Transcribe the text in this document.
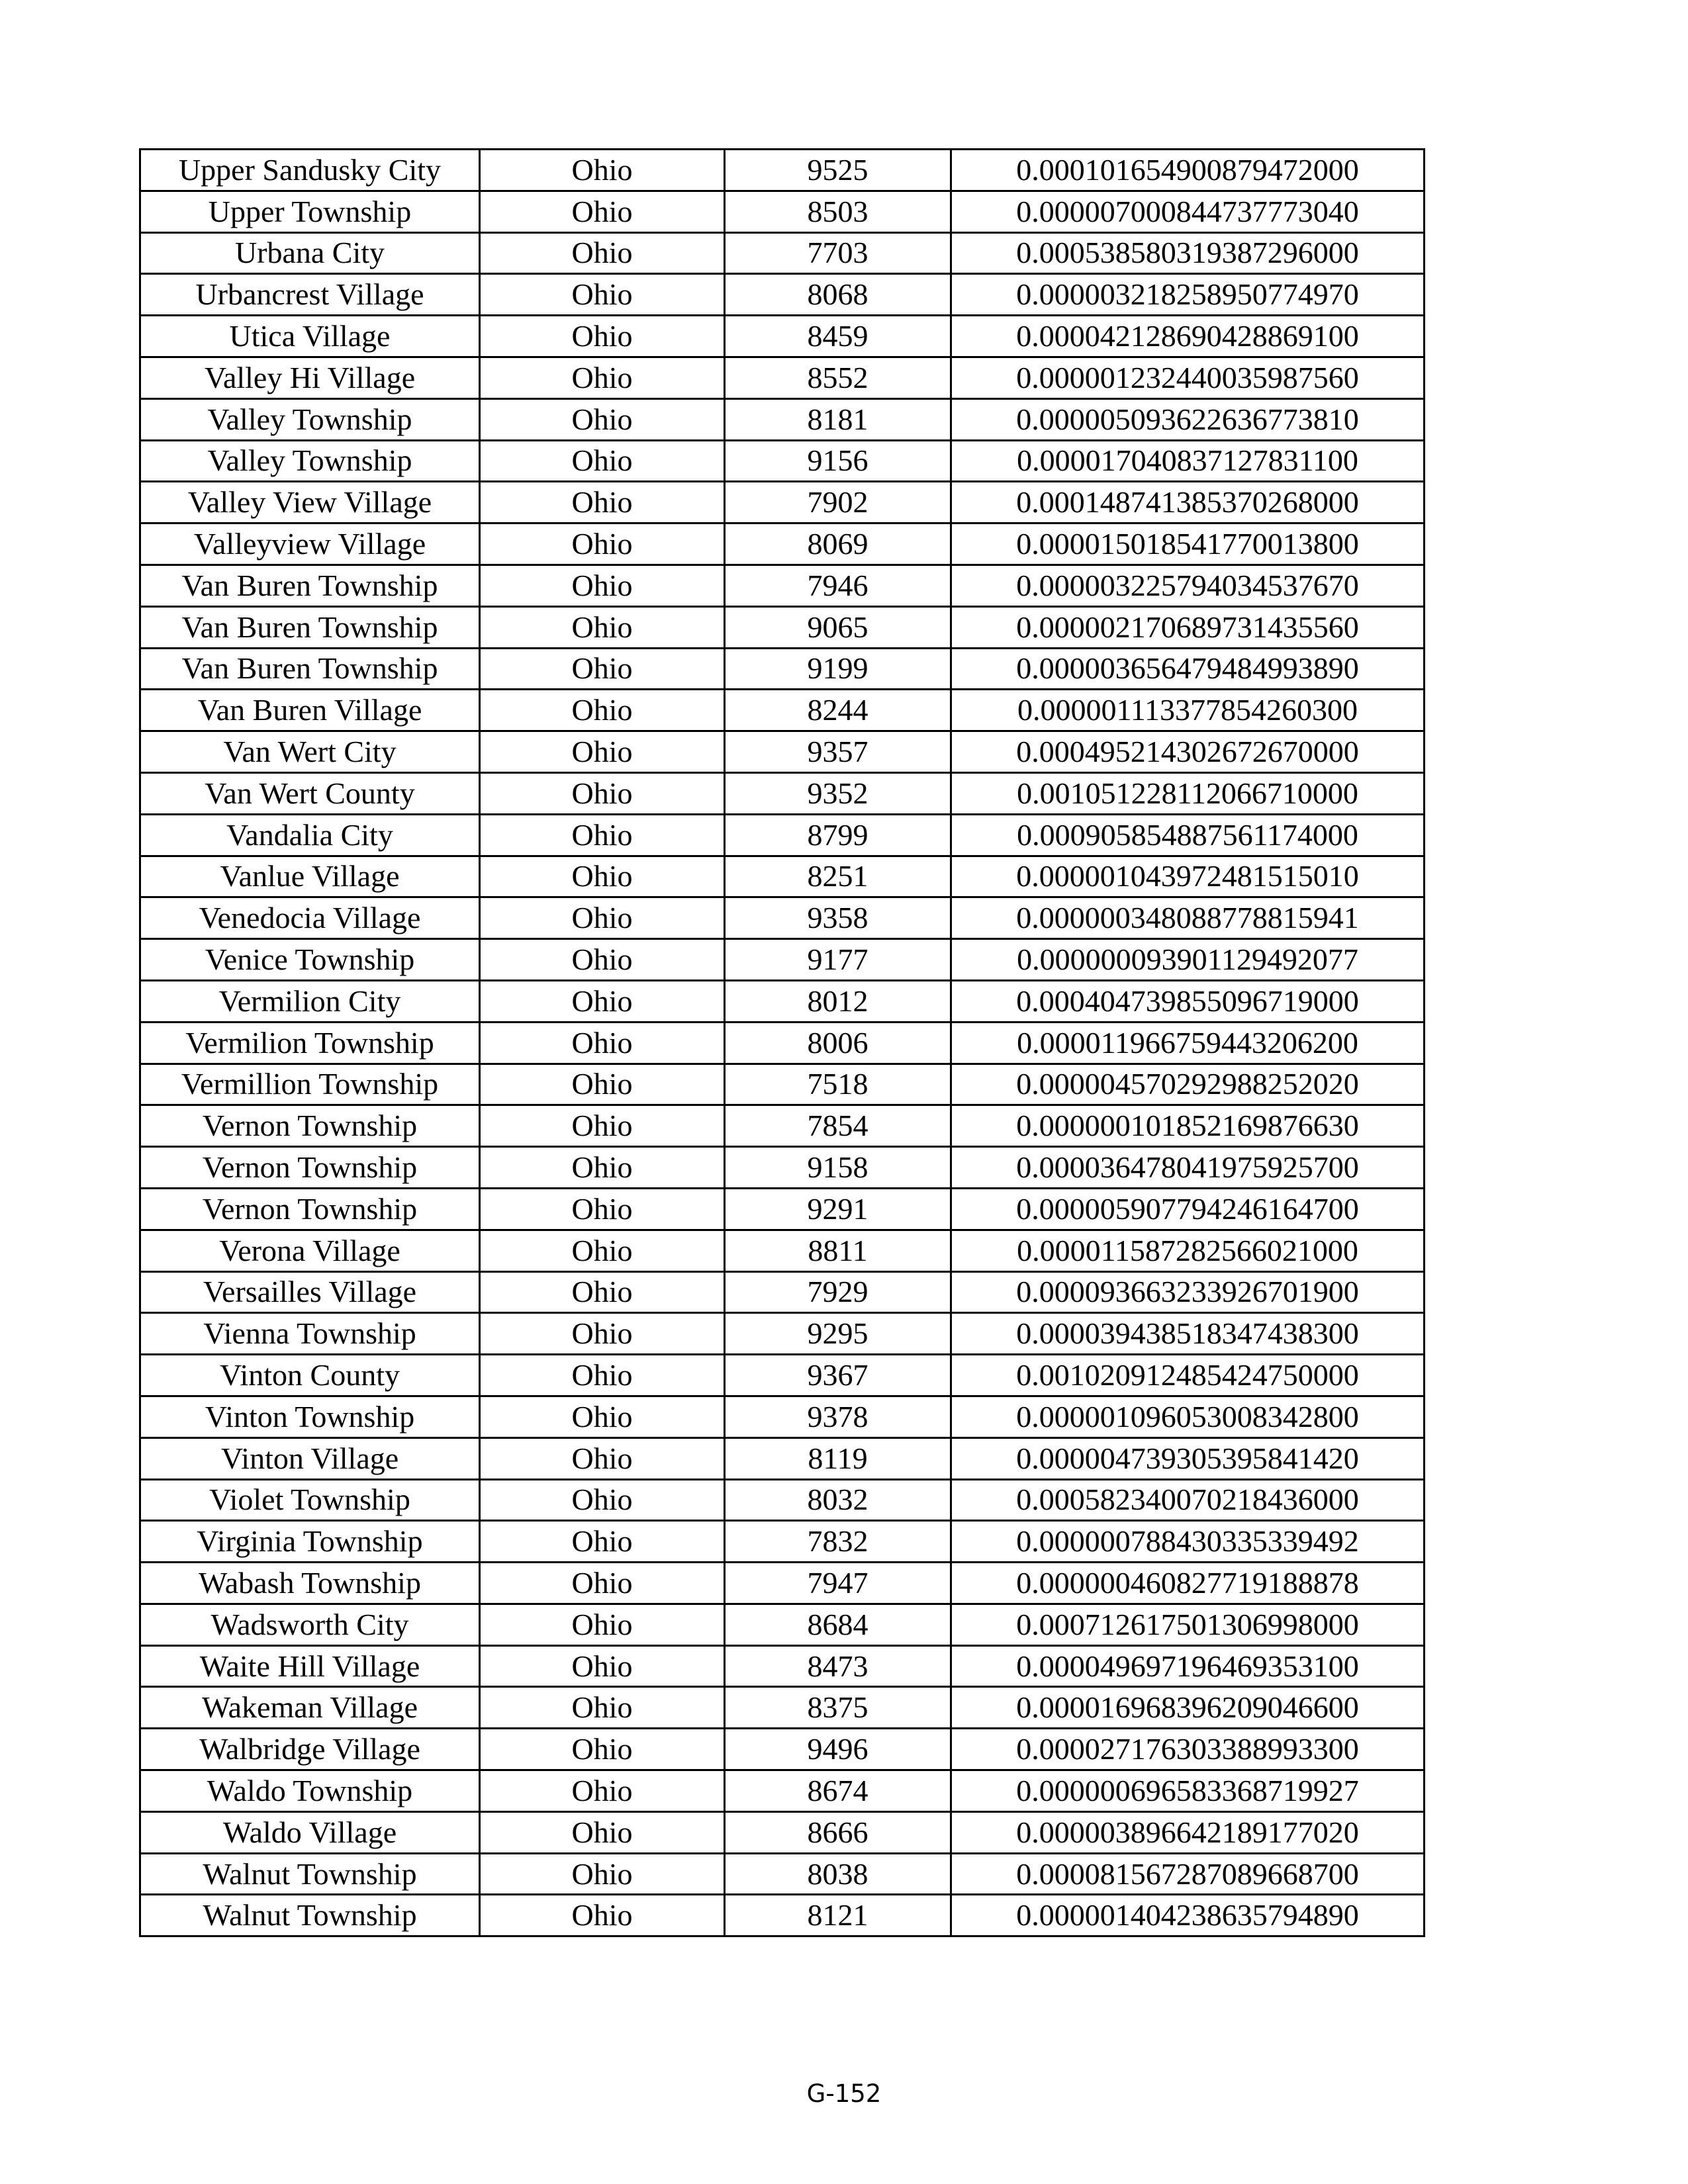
Upper Sandusky City	Ohio	9525	0.000101654900879472000
Upper Township	Ohio	8503	0.000007000844737773040
Urbana City	Ohio	7703	0.000538580319387296000
Urbancrest Village	Ohio	8068	0.000003218258950774970
Utica Village	Ohio	8459	0.000042128690428869100
Valley Hi Village	Ohio	8552	0.000001232440035987560
Valley Township	Ohio	8181	0.000005093622636773810
Valley Township	Ohio	9156	0.000017040837127831100
Valley View Village	Ohio	7902	0.000148741385370268000
Valleyview Village	Ohio	8069	0.000015018541770013800
Van Buren Township	Ohio	7946	0.000003225794034537670
Van Buren Township	Ohio	9065	0.000002170689731435560
Van Buren Township	Ohio	9199	0.000003656479484993890
Van Buren Village	Ohio	8244	0.000001113377854260300
Van Wert City	Ohio	9357	0.000495214302672670000
Van Wert County	Ohio	9352	0.001051228112066710000
Vandalia City	Ohio	8799	0.000905854887561174000
Vanlue Village	Ohio	8251	0.000001043972481515010
Venedocia Village	Ohio	9358	0.000000348088778815941
Venice Township	Ohio	9177	0.000000093901129492077
Vermilion City	Ohio	8012	0.000404739855096719000
Vermilion Township	Ohio	8006	0.000011966759443206200
Vermillion Township	Ohio	7518	0.000004570292988252020
Vernon Township	Ohio	7854	0.000000101852169876630
Vernon Township	Ohio	9158	0.000036478041975925700
Vernon Township	Ohio	9291	0.000005907794246164700
Verona Village	Ohio	8811	0.000011587282566021000
Versailles Village	Ohio	7929	0.000093663233926701900
Vienna Township	Ohio	9295	0.000039438518347438300
Vinton County	Ohio	9367	0.001020912485424750000
Vinton Township	Ohio	9378	0.000001096053008342800
Vinton Village	Ohio	8119	0.000004739305395841420
Violet Township	Ohio	8032	0.000582340070218436000
Virginia Township	Ohio	7832	0.000000788430335339492
Wabash Township	Ohio	7947	0.000000460827719188878
Wadsworth City	Ohio	8684	0.000712617501306998000
Waite Hill Village	Ohio	8473	0.000049697196469353100
Wakeman Village	Ohio	8375	0.000016968396209046600
Walbridge Village	Ohio	9496	0.000027176303388993300
Waldo Township	Ohio	8674	0.000000696583368719927
Waldo Village	Ohio	8666	0.000003896642189177020
Walnut Township	Ohio	8038	0.000081567287089668700
Walnut Township	Ohio	8121	0.000001404238635794890
G-152
